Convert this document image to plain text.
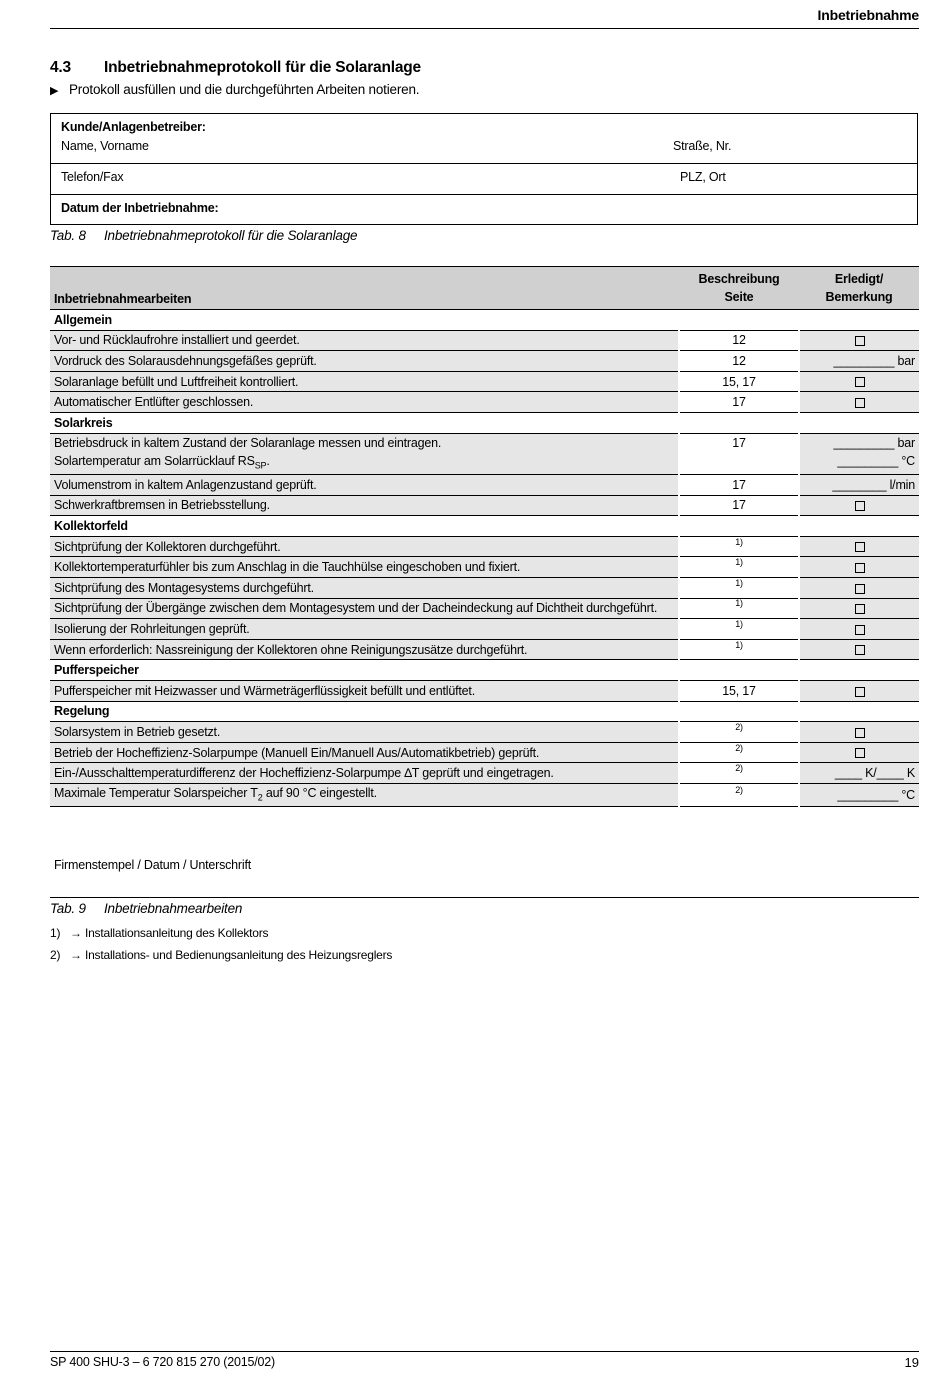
Inbetriebnahme
4.3 Inbetriebnahmeprotokoll für die Solaranlage
▶ Protokoll ausfüllen und die durchgeführten Arbeiten notieren.
Kunde/Anlagenbetreiber:
Name, Vorname	Straße, Nr.
Telefon/Fax	PLZ, Ort
Datum der Inbetriebnahme:
Tab. 8 Inbetriebnahmeprotokoll für die Solaranlage
Inbetriebnahmearbeiten	Beschreibung Seite	Erledigt/
Bemerkung
Allgemein		
Vor- und Rücklaufrohre installiert und geerdet.	12	
Vordruck des Solarausdehnungsgefäßes geprüft.	12	_________ bar
Solaranlage befüllt und Luftfreiheit kontrolliert.	15, 17	
Automatischer Entlüfter geschlossen.	17	
Solarkreis		
Betriebsdruck in kaltem Zustand der Solaranlage messen und eintragen.
Solartemperatur am Solarrücklauf $RS_{SP}$.	17	_________ bar
_________ °C
Volumenstrom in kaltem Anlagenzustand geprüft.	17	________ l/min
Schwerkraftbremsen in Betriebsstellung.	17	
Kollektorfeld		
Sichtprüfung der Kollektoren durchgeführt.	$^{1)}$	
Kollektortemperaturfühler bis zum Anschlag in die Tauchhülse eingeschoben und fixiert.	$^{1)}$	
Sichtprüfung des Montagesystems durchgeführt.	$^{1)}$	
Sichtprüfung der Übergänge zwischen dem Montagesystem und der Dacheindeckung auf Dichtheit durchgeführt.	$^{1)}$	
Isolierung der Rohrleitungen geprüft.	$^{1)}$	
Wenn erforderlich: Nassreinigung der Kollektoren ohne Reinigungszusätze durchgeführt.	$^{1)}$	
Pufferspeicher		
Pufferspeicher mit Heizwasser und Wärmeträgerflüssigkeit befüllt und entlüftet.	15, 17	
Regelung		
Solarsystem in Betrieb gesetzt.	$^{2)}$	
Betrieb der Hocheffizienz-Solarpumpe (Manuell Ein/Manuell Aus/Automatikbetrieb) geprüft.	$^{2)}$	
Ein-/Ausschalttemperaturdifferenz der Hocheffizienz-Solarpumpe ∆T geprüft und eingetragen.	$^{2)}$	____ K/____ K
Maximale Temperatur Solarspeicher $T_2$ auf 90 °C eingestellt.	$^{2)}$	_________ °C
Firmenstempel / Datum / Unterschrift
Tab. 9 Inbetriebnahmearbeiten
1) → Installationsanleitung des Kollektors
2) → Installations- und Bedienungsanleitung des Heizungsreglers
SP 400 SHU-3 – 6 720 815 270 (2015/02)	19
